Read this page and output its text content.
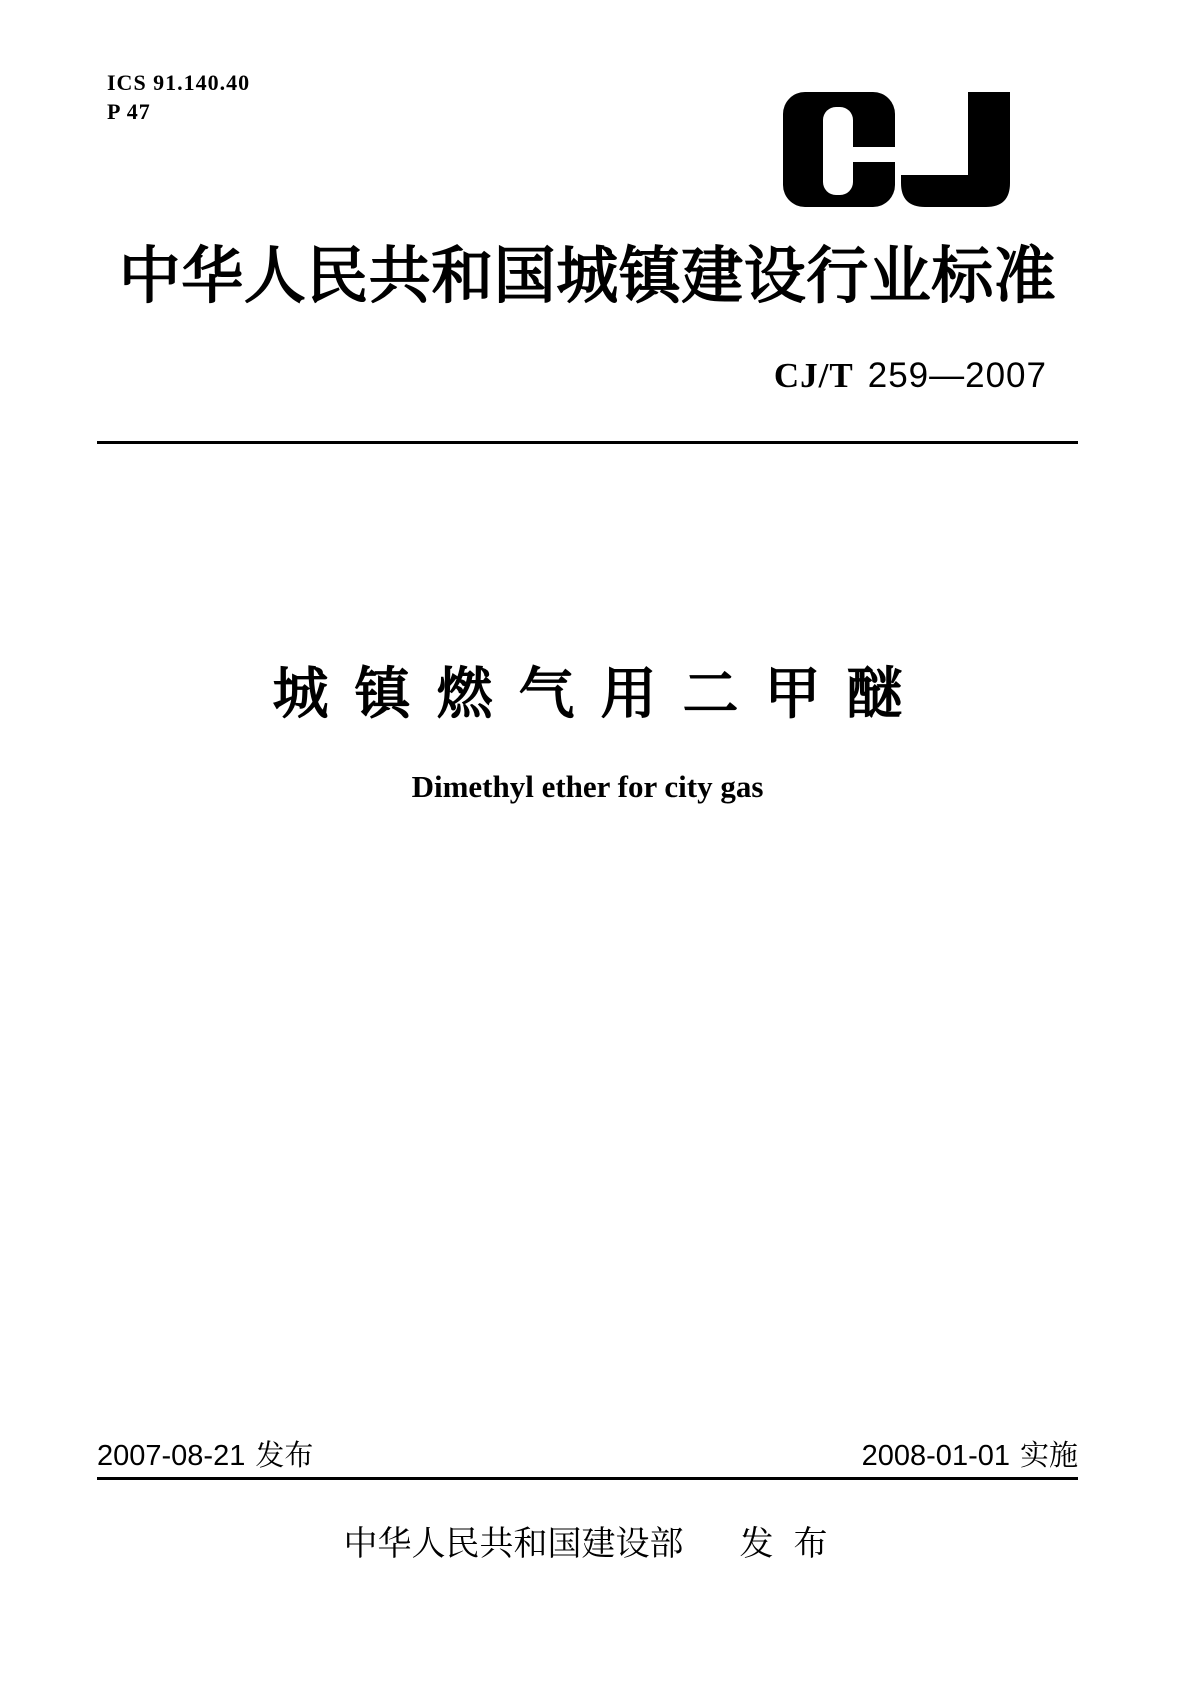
ICS 91.140.40
P 47
中华人民共和国城镇建设行业标准
CJ/T 259—2007
城镇燃气用二甲醚
Dimethyl ether for city gas
2007-08-21 发布	2008-01-01 实施
中华人民共和国建设部 发布
